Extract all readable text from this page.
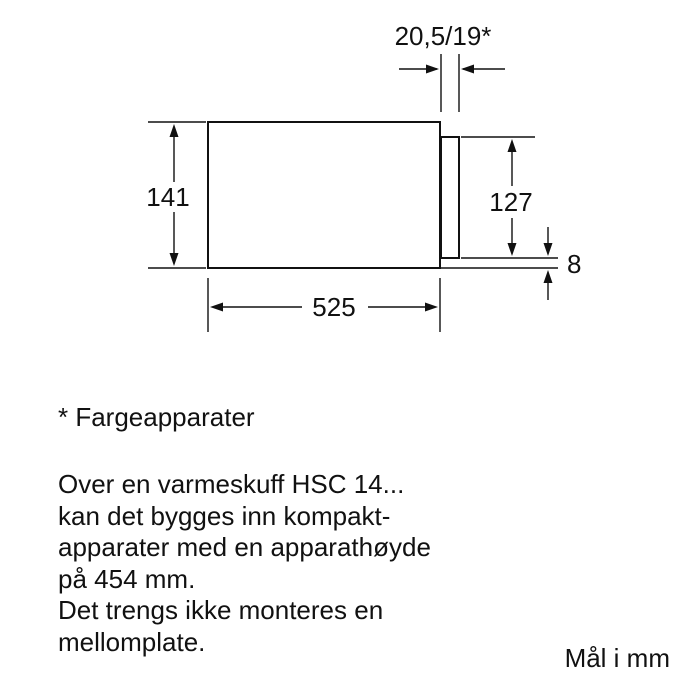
20,5/19*
141	127
8
525

* Fargeapparater

Over en varmeskuff HSC 14...
kan det bygges inn kompakt-
apparater med en apparathøyde
på 454 mm.
Det trengs ikke monteres en
mellomplate.

Mål i mm
